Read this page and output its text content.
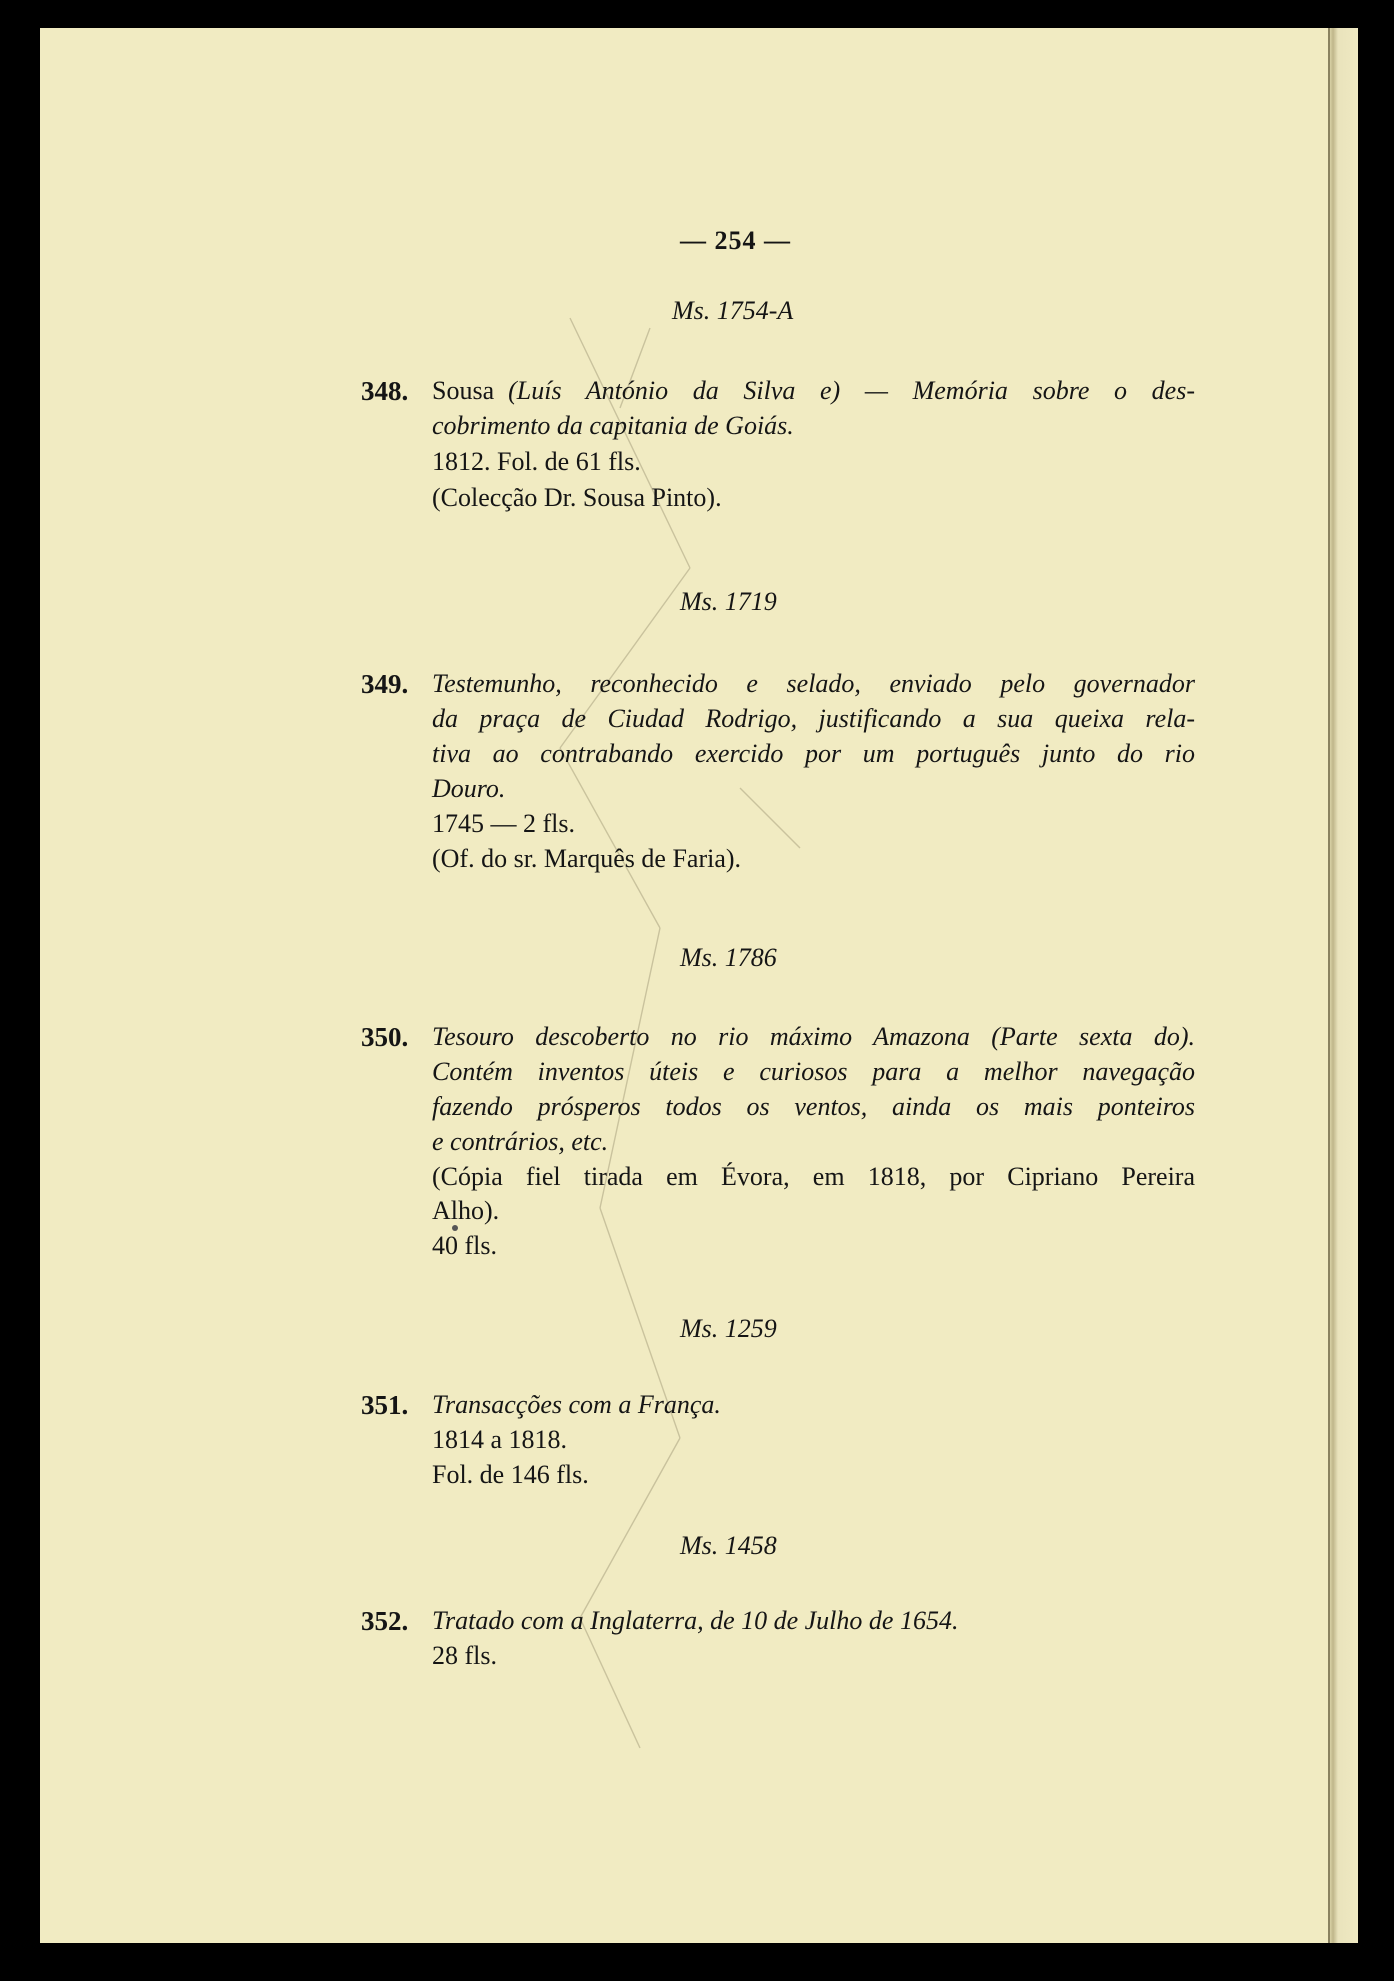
— 254 —
Ms. 1754-A
348. Sousa (Luís António da Silva e) — Memória sobre o des-
cobrimento da capitania de Goiás.
1812. Fol. de 61 fls.
(Colecção Dr. Sousa Pinto).
Ms. 1719
349. Testemunho, reconhecido e selado, enviado pelo governador
da praça de Ciudad Rodrigo, justificando a sua queixa rela-
tiva ao contrabando exercido por um português junto do rio
Douro.
1745 — 2 fls.
(Of. do sr. Marquês de Faria).
Ms. 1786
350. Tesouro descoberto no rio máximo Amazona (Parte sexta do).
Contém inventos úteis e curiosos para a melhor navegação
fazendo prósperos todos os ventos, ainda os mais ponteiros
e contrários, etc.
(Cópia fiel tirada em Évora, em 1818, por Cipriano Pereira
Alho).
40 fls.
Ms. 1259
351. Transacções com a França.
1814 a 1818.
Fol. de 146 fls.
Ms. 1458
352. Tratado com a Inglaterra, de 10 de Julho de 1654.
28 fls.
